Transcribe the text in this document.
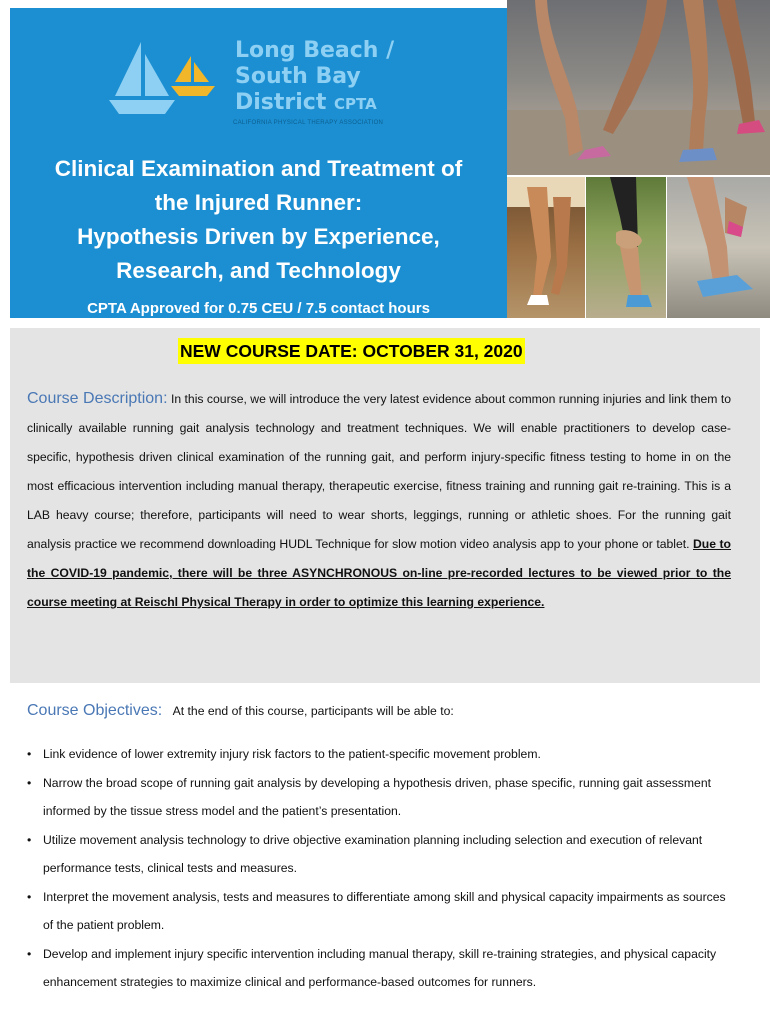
Long Beach /
South Bay
District CPTA
CALIFORNIA PHYSICAL THERAPY ASSOCIATION
Clinical Examination and Treatment of
the Injured Runner:
Hypothesis Driven by Experience,
Research, and Technology
CPTA Approved for 0.75 CEU / 7.5 contact hours
NEW COURSE DATE: OCTOBER 31, 2020
Course Description: In this course, we will introduce the very latest evidence about common running injuries and link them to clinically available running gait analysis technology and treatment techniques. We will enable practitioners to develop case-specific, hypothesis driven clinical examination of the running gait, and perform injury-specific fitness testing to home in on the most efficacious intervention including manual therapy, therapeutic exercise, fitness training and running gait re-training. This is a LAB heavy course; therefore, participants will need to wear shorts, leggings, running or athletic shoes. For the running gait analysis practice we recommend downloading HUDL Technique for slow motion video analysis app to your phone or tablet. Due to the COVID-19 pandemic, there will be three ASYNCHRONOUS on-line pre-recorded lectures to be viewed prior to the course meeting at Reischl Physical Therapy in order to optimize this learning experience.
Course Objectives: At the end of this course, participants will be able to:
• Link evidence of lower extremity injury risk factors to the patient-specific movement problem.
• Narrow the broad scope of running gait analysis by developing a hypothesis driven, phase specific, running gait assessment informed by the tissue stress model and the patient’s presentation.
• Utilize movement analysis technology to drive objective examination planning including selection and execution of relevant performance tests, clinical tests and measures.
• Interpret the movement analysis, tests and measures to differentiate among skill and physical capacity impairments as sources of the patient problem.
• Develop and implement injury specific intervention including manual therapy, skill re-training strategies, and physical capacity enhancement strategies to maximize clinical and performance-based outcomes for runners.
